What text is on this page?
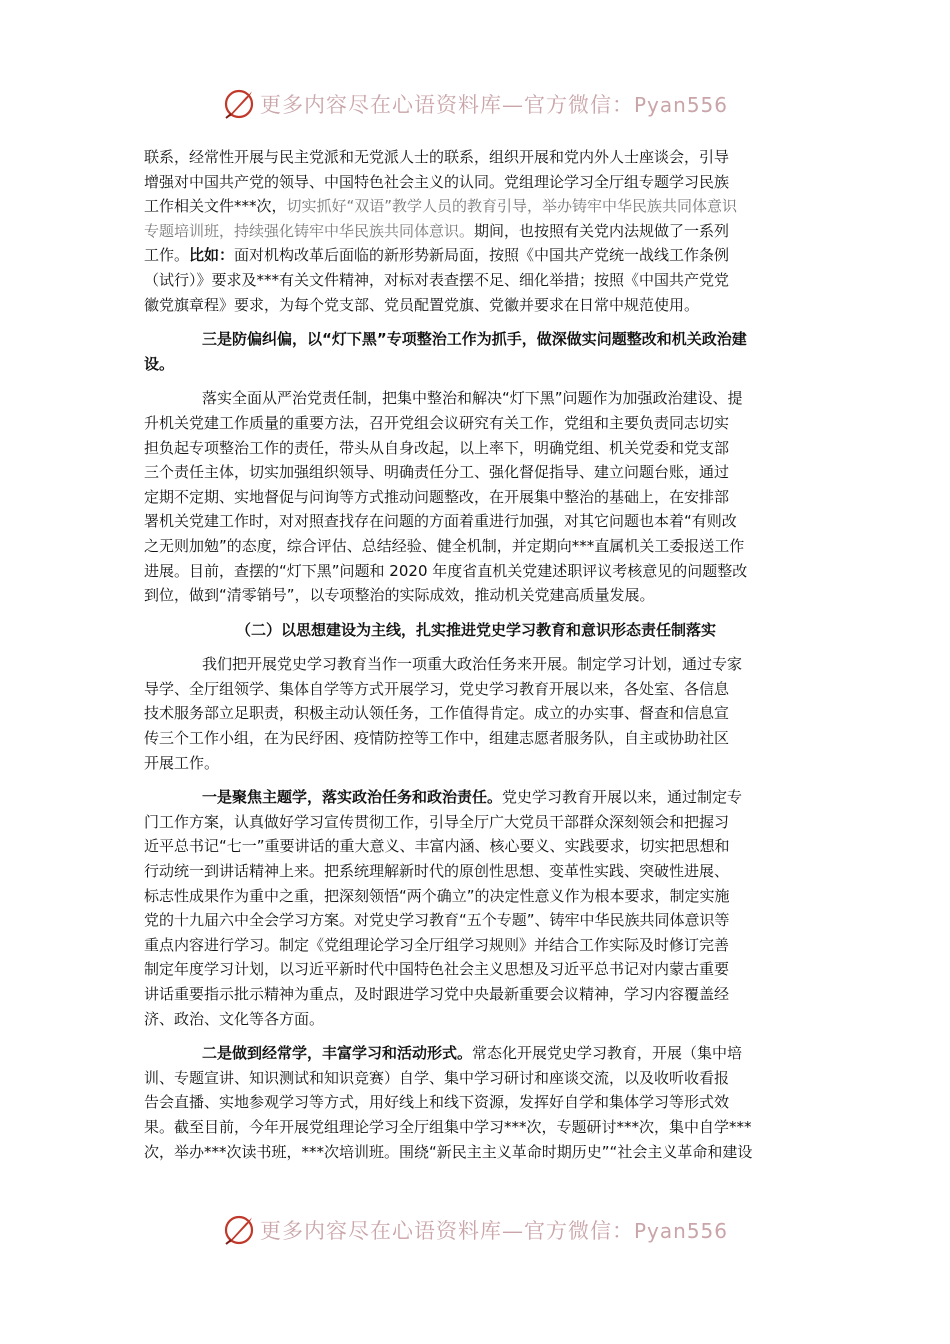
更多内容尽在心语资料库—官方微信：Pyan556
联系，经常性开展与民主党派和无党派人士的联系，组织开展和党内外人士座谈会，引导
增强对中国共产党的领导、中国特色社会主义的认同。党组理论学习全厅组专题学习民族
工作相关文件***次，切实抓好“双语”教学人员的教育引导，举办铸牢中华民族共同体意识
专题培训班，持续强化铸牢中华民族共同体意识。期间，也按照有关党内法规做了一系列
工作。比如：面对机构改革后面临的新形势新局面，按照《中国共产党统一战线工作条例
（试行）》要求及***有关文件精神，对标对表查摆不足、细化举措；按照《中国共产党党
徽党旗章程》要求，为每个党支部、党员配置党旗、党徽并要求在日常中规范使用。
三是防偏纠偏，以“灯下黑”专项整治工作为抓手，做深做实问题整改和机关政治建
设。
落实全面从严治党责任制，把集中整治和解决“灯下黑”问题作为加强政治建设、提
升机关党建工作质量的重要方法，召开党组会议研究有关工作，党组和主要负责同志切实
担负起专项整治工作的责任，带头从自身改起，以上率下，明确党组、机关党委和党支部
三个责任主体，切实加强组织领导、明确责任分工、强化督促指导、建立问题台账，通过
定期不定期、实地督促与问询等方式推动问题整改，在开展集中整治的基础上，在安排部
署机关党建工作时，对对照查找存在问题的方面着重进行加强，对其它问题也本着“有则改
之无则加勉”的态度，综合评估、总结经验、健全机制，并定期向***直属机关工委报送工作
进展。目前，查摆的“灯下黑”问题和 2020 年度省直机关党建述职评议考核意见的问题整改
到位，做到“清零销号”，以专项整治的实际成效，推动机关党建高质量发展。
（二）以思想建设为主线，扎实推进党史学习教育和意识形态责任制落实
我们把开展党史学习教育当作一项重大政治任务来开展。制定学习计划，通过专家
导学、全厅组领学、集体自学等方式开展学习，党史学习教育开展以来，各处室、各信息
技术服务部立足职责，积极主动认领任务，工作值得肯定。成立的办实事、督查和信息宣
传三个工作小组，在为民纾困、疫情防控等工作中，组建志愿者服务队，自主或协助社区
开展工作。
一是聚焦主题学，落实政治任务和政治责任。党史学习教育开展以来，通过制定专
门工作方案，认真做好学习宣传贯彻工作，引导全厅广大党员干部群众深刻领会和把握习
近平总书记“七一”重要讲话的重大意义、丰富内涵、核心要义、实践要求，切实把思想和
行动统一到讲话精神上来。把系统理解新时代的原创性思想、变革性实践、突破性进展、
标志性成果作为重中之重，把深刻领悟“两个确立”的决定性意义作为根本要求，制定实施
党的十九届六中全会学习方案。对党史学习教育“五个专题”、铸牢中华民族共同体意识等
重点内容进行学习。制定《党组理论学习全厅组学习规则》并结合工作实际及时修订完善
制定年度学习计划，以习近平新时代中国特色社会主义思想及习近平总书记对内蒙古重要
讲话重要指示批示精神为重点，及时跟进学习党中央最新重要会议精神，学习内容覆盖经
济、政治、文化等各方面。
二是做到经常学，丰富学习和活动形式。常态化开展党史学习教育，开展（集中培
训、专题宣讲、知识测试和知识竞赛）自学、集中学习研讨和座谈交流，以及收听收看报
告会直播、实地参观学习等方式，用好线上和线下资源，发挥好自学和集体学习等形式效
果。截至目前，今年开展党组理论学习全厅组集中学习***次，专题研讨***次，集中自学***
次，举办***次读书班，***次培训班。围绕“新民主主义革命时期历史”“社会主义革命和建设
更多内容尽在心语资料库—官方微信：Pyan556
